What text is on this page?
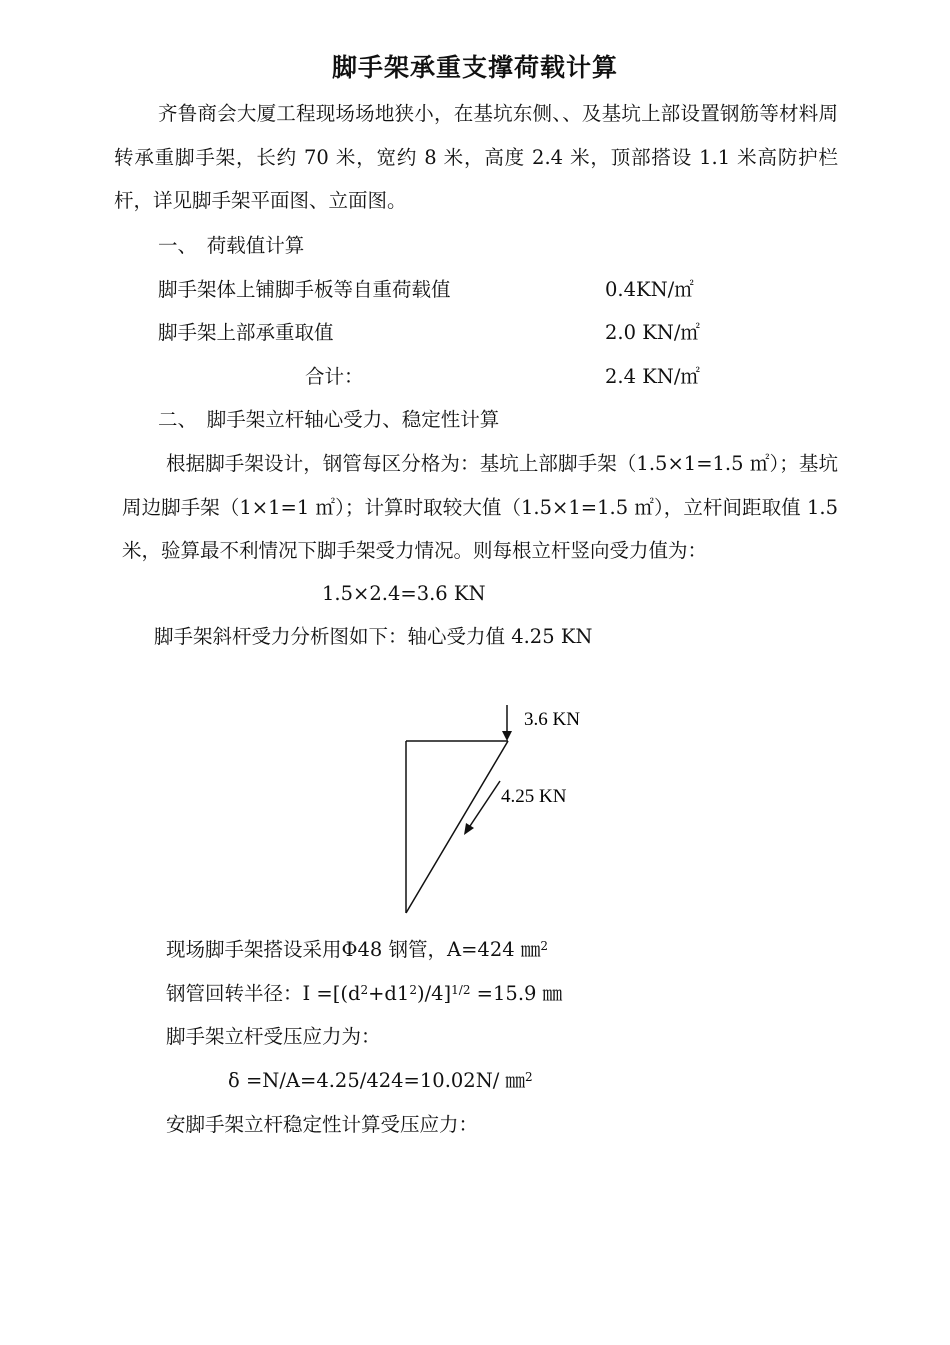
脚手架承重支撑荷载计算
齐鲁商会大厦工程现场场地狭小，在基坑东侧、、及基坑上部设置钢筋等材料周转承重脚手架，长约 70 米，宽约 8 米，高度 2.4 米，顶部搭设 1.1 米高防护栏杆，详见脚手架平面图、立面图。
一、　荷载值计算
脚手架体上铺脚手板等自重荷载值	0.4KN/㎡
脚手架上部承重取值	2.0 KN/㎡
合计：	2.4 KN/㎡
二、　脚手架立杆轴心受力、稳定性计算
根据脚手架设计，钢管每区分格为：基坑上部脚手架（1.5×1=1.5 ㎡）；基坑周边脚手架（1×1=1 ㎡）；计算时取较大值（1.5×1=1.5 ㎡），立杆间距取值 1.5 米，验算最不利情况下脚手架受力情况。则每根立杆竖向受力值为：
1.5×2.4=3.6 KN
脚手架斜杆受力分析图如下：轴心受力值 4.25 KN
3.6 KN
4.25 KN
现场脚手架搭设采用Φ48 钢管，A=424 ㎜$^2$
钢管回转半径：$I =[(d^2+d1^2)/4]^{1/2} =15.9$ ㎜
脚手架立杆受压应力为：
δ =N/A=4.25/424=10.02N/ ㎜$^2$
安脚手架立杆稳定性计算受压应力：
